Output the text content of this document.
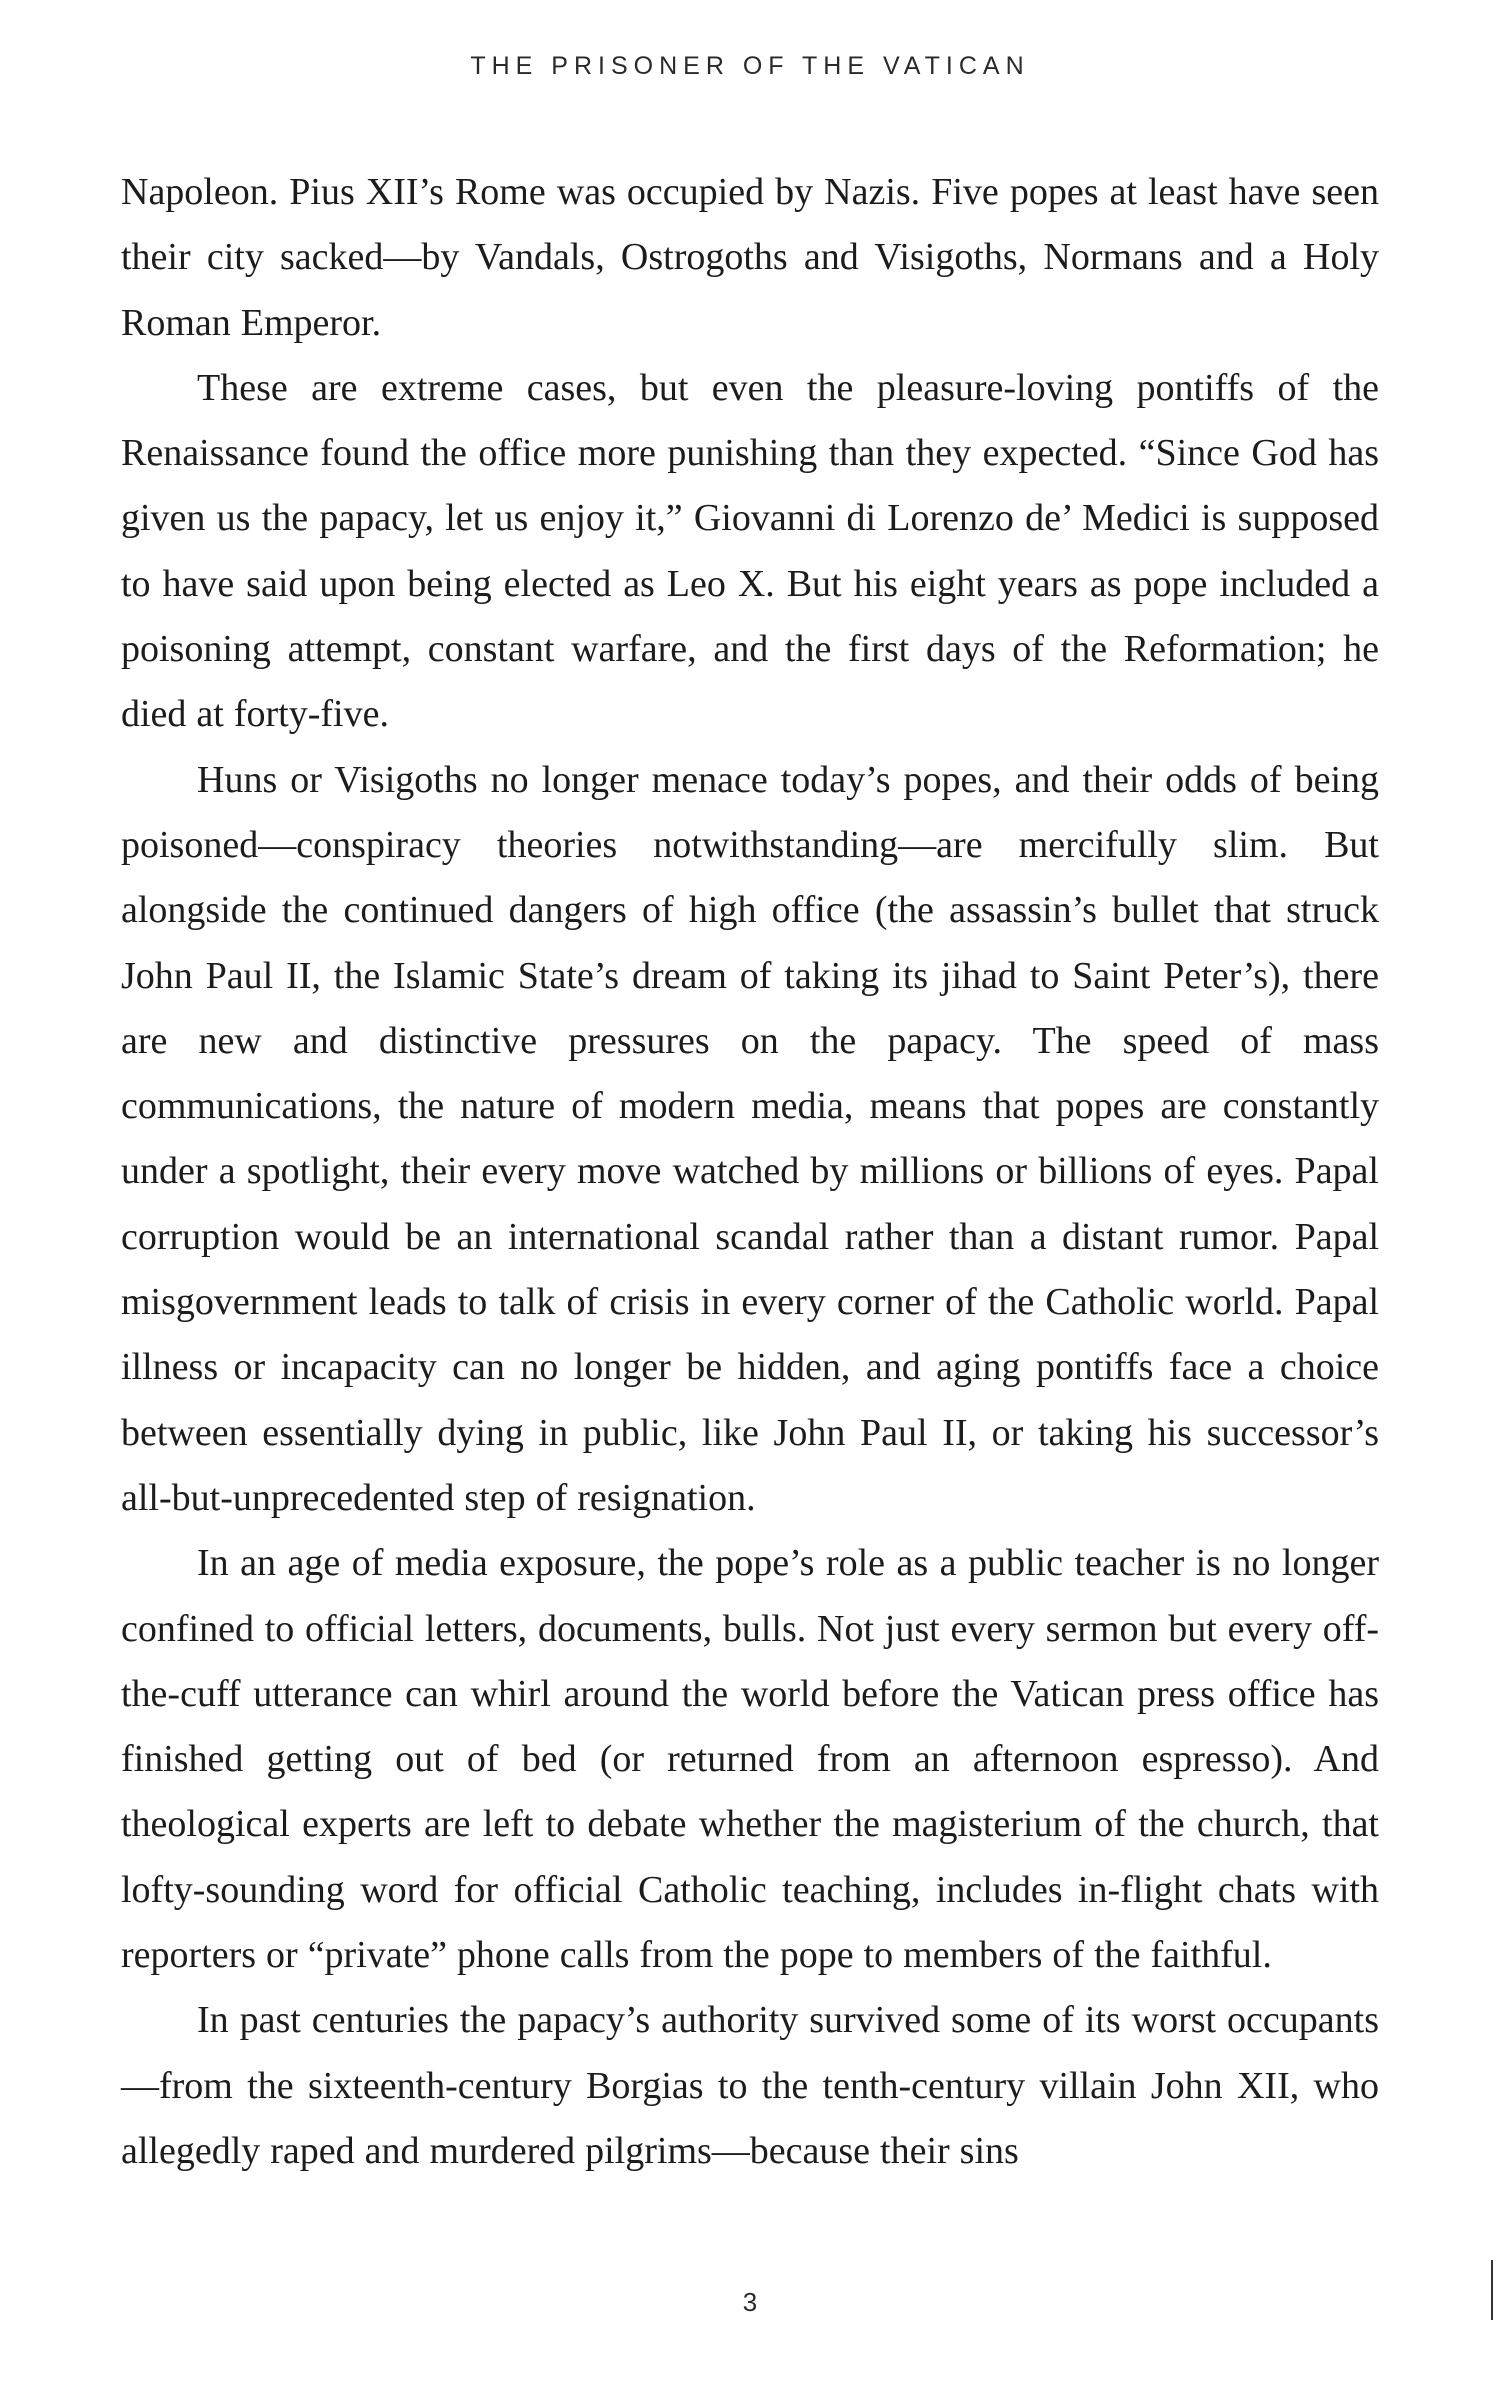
THE PRISONER OF THE VATICAN

Napoleon. Pius XII’s Rome was occupied by Nazis. Five popes at least have seen their city sacked—by Vandals, Ostrogoths and Visigoths, Normans and a Holy Roman Emperor.

These are extreme cases, but even the pleasure-loving pontiffs of the Renaissance found the office more punishing than they expected. “Since God has given us the papacy, let us enjoy it,” Giovanni di Lorenzo de’ Medici is supposed to have said upon being elected as Leo X. But his eight years as pope included a poisoning attempt, constant warfare, and the first days of the Reformation; he died at forty-five.

Huns or Visigoths no longer menace today’s popes, and their odds of being poisoned—conspiracy theories notwithstanding—are mercifully slim. But alongside the continued dangers of high office (the assassin’s bullet that struck John Paul II, the Islamic State’s dream of taking its jihad to Saint Peter’s), there are new and distinctive pressures on the papacy. The speed of mass communications, the nature of modern media, means that popes are constantly under a spotlight, their every move watched by millions or billions of eyes. Papal corruption would be an international scandal rather than a distant rumor. Papal misgovernment leads to talk of crisis in every corner of the Catholic world. Papal illness or incapacity can no longer be hidden, and aging pontiffs face a choice between essentially dying in public, like John Paul II, or taking his successor’s all-but-unprecedented step of resignation.

In an age of media exposure, the pope’s role as a public teacher is no longer confined to official letters, documents, bulls. Not just every sermon but every off-the-cuff utterance can whirl around the world before the Vatican press office has finished getting out of bed (or returned from an afternoon espresso). And theological experts are left to debate whether the magisterium of the church, that lofty-sounding word for official Catholic teaching, includes in-flight chats with reporters or “private” phone calls from the pope to members of the faithful.

In past centuries the papacy’s authority survived some of its worst occupants—from the sixteenth-century Borgias to the tenth-century villain John XII, who allegedly raped and murdered pilgrims—because their sins

3
